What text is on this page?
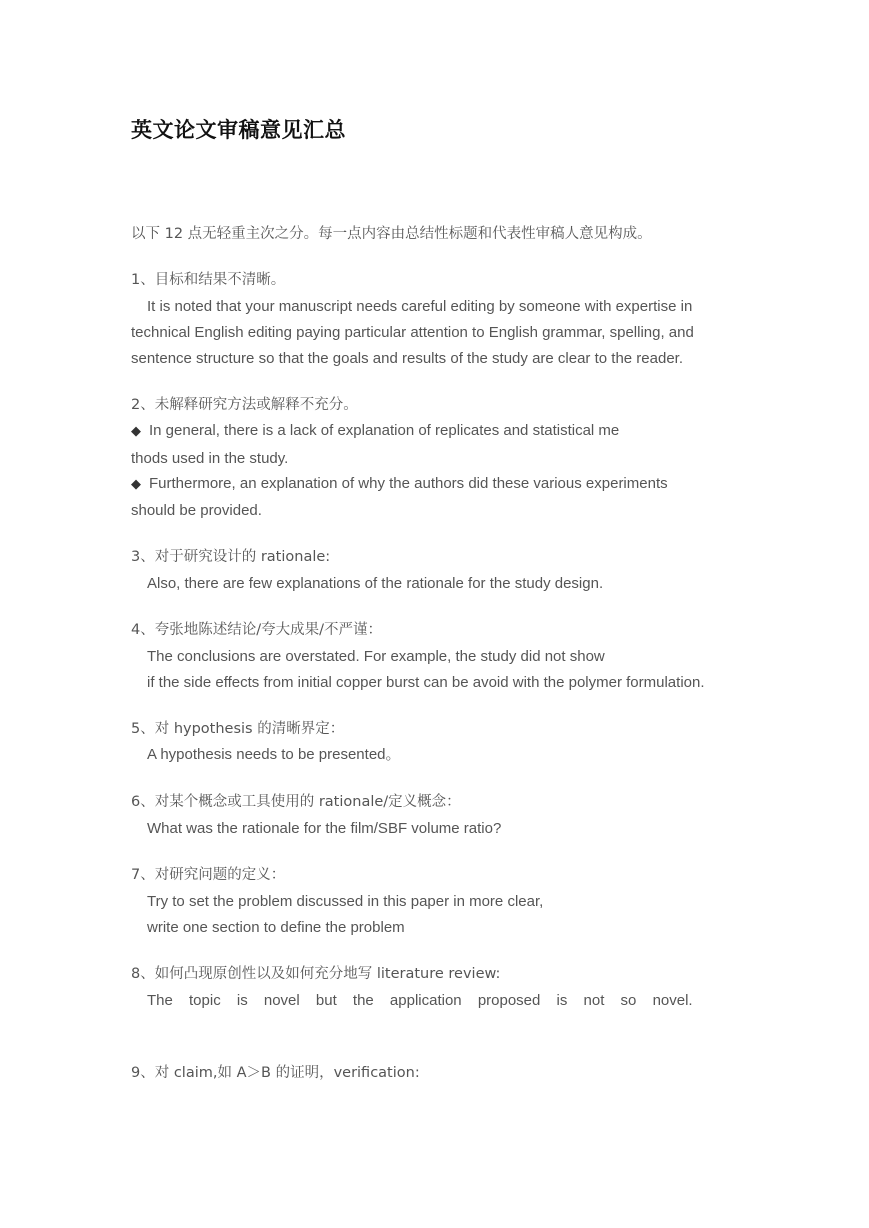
英文论文审稿意见汇总
以下 12 点无轻重主次之分。每一点内容由总结性标题和代表性审稿人意见构成。
1、目标和结果不清晰。
It is noted that your manuscript needs careful editing by someone with expertise in
technical English editing paying particular attention to English grammar, spelling, and
sentence structure so that the goals and results of the study are clear to the reader.
2、未解释研究方法或解释不充分。
◆ In general, there is a lack of explanation of replicates and statistical me
thods used in the study.
◆ Furthermore, an explanation of why the authors did these various experiments
should be provided.
3、对于研究设计的 rationale:
Also, there are few explanations of the rationale for the study design.
4、夸张地陈述结论/夸大成果/不严谨：
The conclusions are overstated. For example, the study did not show
if the side effects from initial copper burst can be avoid with the polymer formulation.
5、对 hypothesis 的清晰界定：
A hypothesis needs to be presented。
6、对某个概念或工具使用的 rationale/定义概念：
What was the rationale for the film/SBF volume ratio?
7、对研究问题的定义：
Try to set the problem discussed in this paper in more clear,
write one section to define the problem
8、如何凸现原创性以及如何充分地写 literature review:
The topic is novel but the application proposed is not so novel.
9、对 claim,如 A＞B 的证明，verification:
